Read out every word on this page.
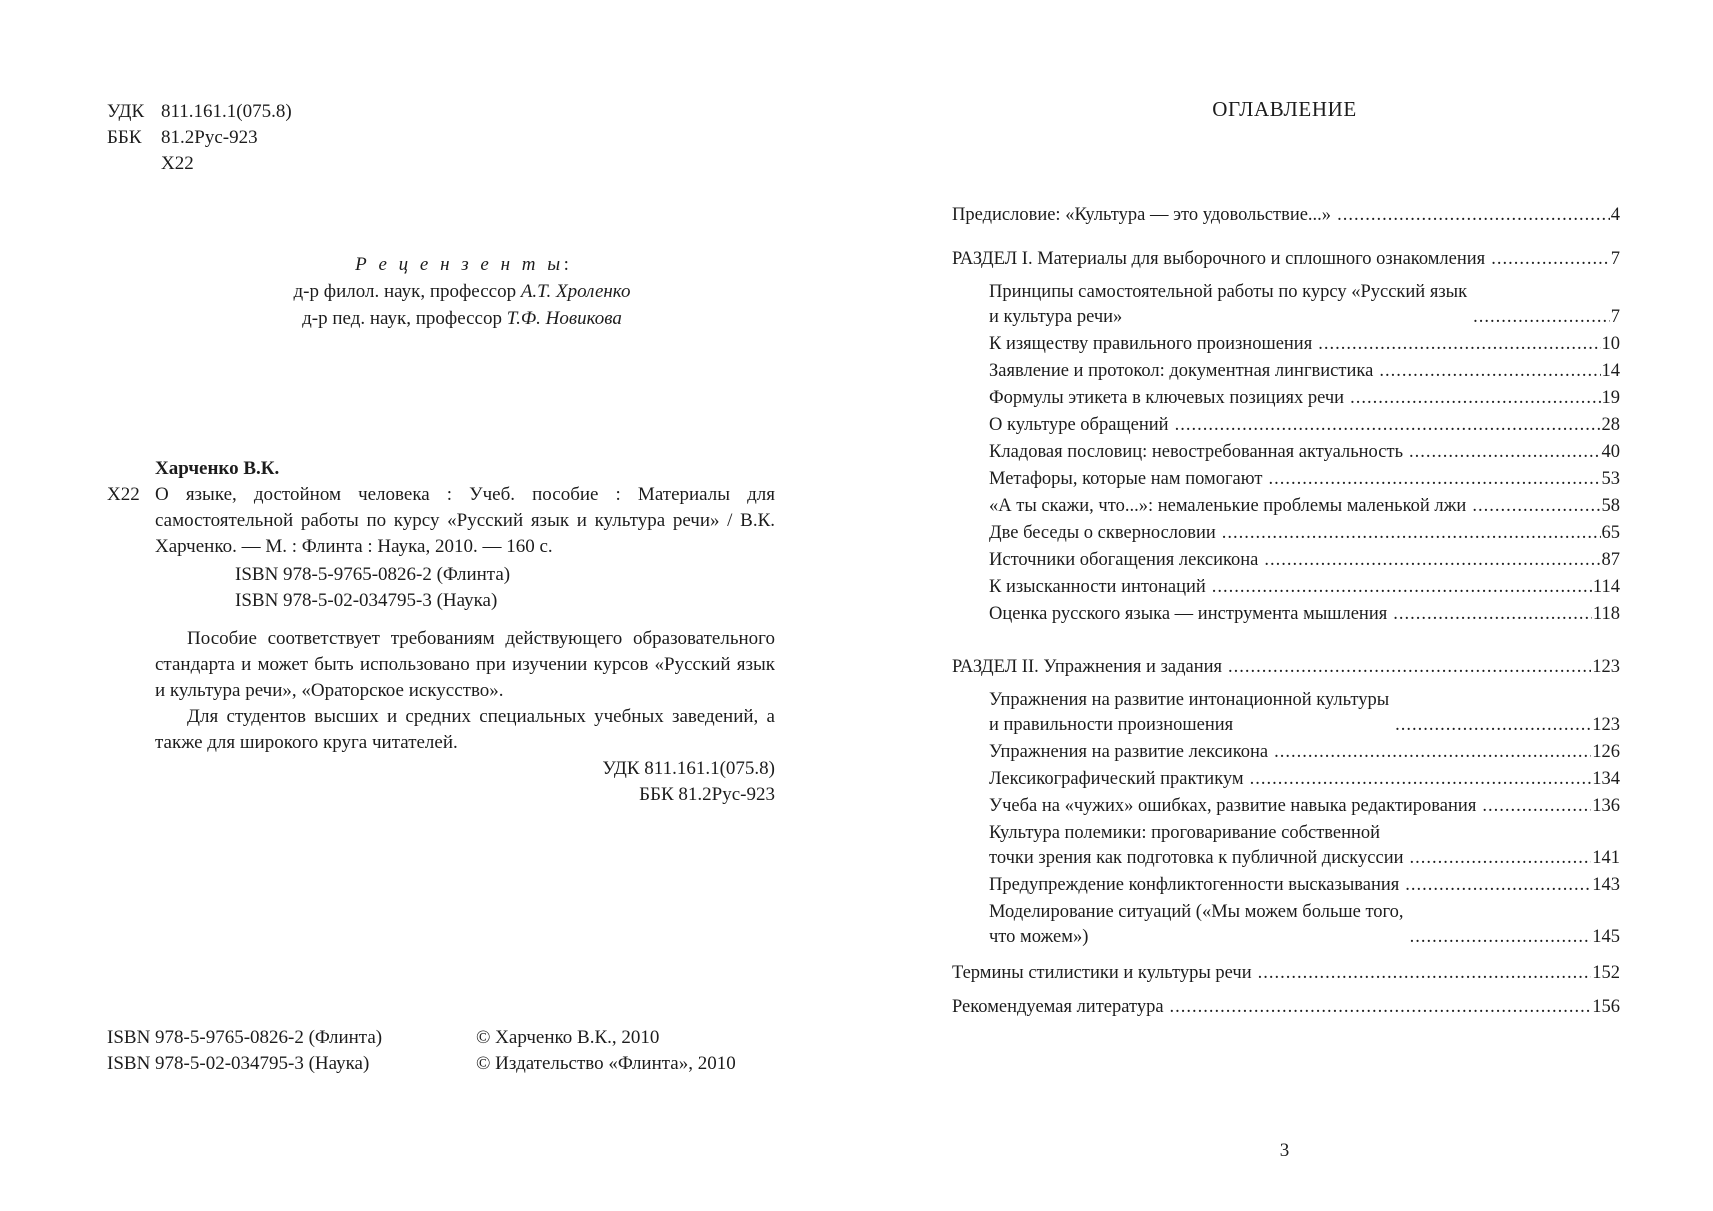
УДК 811.161.1(075.8)
ББК 81.2Рус-923
Х22
Р е ц е н з е н т ы:
д-р филол. наук, профессор А.Т. Хроленко
д-р пед. наук, профессор Т.Ф. Новикова
Харченко В.К.
Х22 О языке, достойном человека : Учеб. пособие : Материалы для самостоятельной работы по курсу «Русский язык и культура речи» / В.К. Харченко. — М. : Флинта : Наука, 2010. — 160 с.
ISBN 978-5-9765-0826-2 (Флинта)
ISBN 978-5-02-034795-3 (Наука)
Пособие соответствует требованиям действующего образовательного стандарта и может быть использовано при изучении курсов «Русский язык и культура речи», «Ораторское искусство».
Для студентов высших и средних специальных учебных заведений, а также для широкого круга читателей.
УДК 811.161.1(075.8)
ББК 81.2Рус-923
ISBN 978-5-9765-0826-2 (Флинта)	© Харченко В.К., 2010
ISBN 978-5-02-034795-3 (Наука)	© Издательство «Флинта», 2010
ОГЛАВЛЕНИЕ
Предисловие: «Культура — это удовольствие...» .....	4
РАЗДЕЛ I. Материалы для выборочного и сплошного ознакомления .....	7
Принципы самостоятельной работы по курсу «Русский язык
и культура речи» .....	7
К изяществу правильного произношения .....	10
Заявление и протокол: документная лингвистика .....	14
Формулы этикета в ключевых позициях речи .....	19
О культуре обращений .....	28
Кладовая пословиц: невостребованная актуальность .....	40
Метафоры, которые нам помогают .....	53
«А ты скажи, что...»: немаленькие проблемы маленькой лжи .....	58
Две беседы о сквернословии .....	65
Источники обогащения лексикона .....	87
К изысканности интонаций .....	114
Оценка русского языка — инструмента мышления .....	118
РАЗДЕЛ II. Упражнения и задания .....	123
Упражнения на развитие интонационной культуры
и правильности произношения .....	123
Упражнения на развитие лексикона .....	126
Лексикографический практикум .....	134
Учеба на «чужих» ошибках, развитие навыка редактирования .....	136
Культура полемики: проговаривание собственной
точки зрения как подготовка к публичной дискуссии .....	141
Предупреждение конфликтогенности высказывания .....	143
Моделирование ситуаций («Мы можем больше того,
что можем») .....	145
Термины стилистики и культуры речи .....	152
Рекомендуемая литература .....	156
3
